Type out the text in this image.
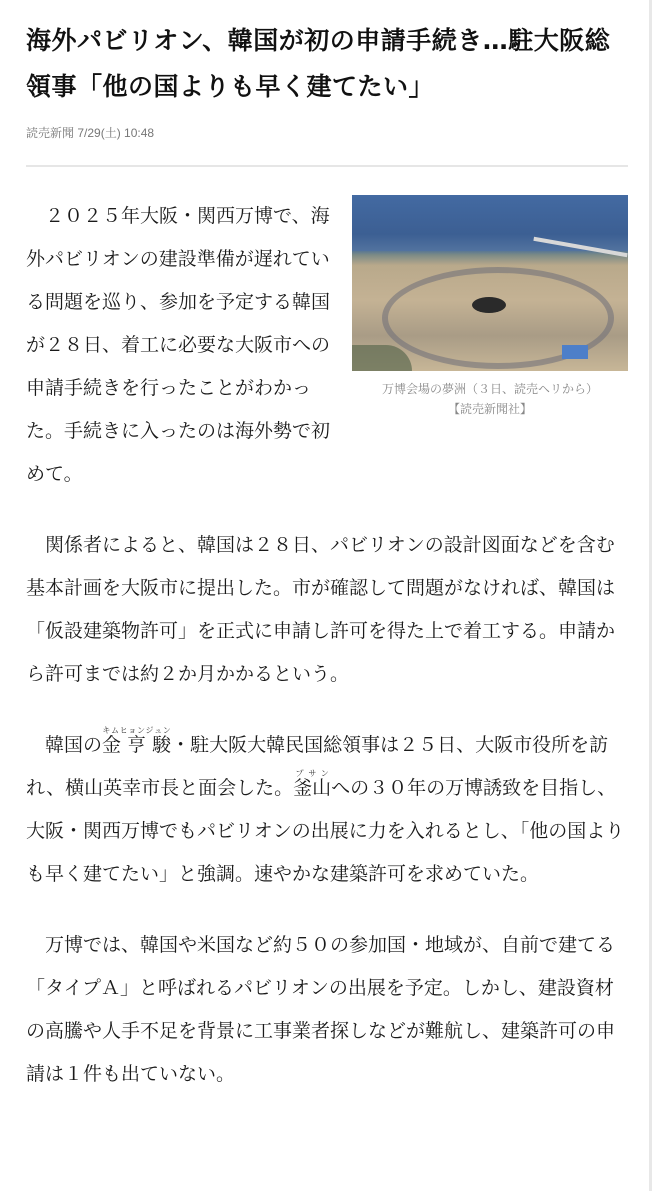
海外パビリオン、韓国が初の申請手続き…駐大阪総領事「他の国よりも早く建てたい」
読売新聞 7/29(土) 10:48
万博会場の夢洲（３日、読売ヘリから）
【読売新聞社】

２０２５年大阪・関西万博で、海外パビリオンの建設準備が遅れている問題を巡り、参加を予定する韓国が２８日、着工に必要な大阪市への申請手続きを行ったことがわかった。手続きに入ったのは海外勢で初めて。

関係者によると、韓国は２８日、パビリオンの設計図面などを含む基本計画を大阪市に提出した。市が確認して問題がなければ、韓国は「仮設建築物許可」を正式に申請し許可を得た上で着工する。申請から許可までは約２か月かかるという。

韓国の金 亨 駿キムヒョンジュン・駐大阪大韓民国総領事は２５日、大阪市役所を訪れ、横山英幸市長と面会した。釜山プサンへの３０年の万博誘致を目指し、大阪・関西万博でもパビリオンの出展に力を入れるとし、「他の国よりも早く建てたい」と強調。速やかな建築許可を求めていた。

万博では、韓国や米国など約５０の参加国・地域が、自前で建てる「タイプＡ」と呼ばれるパビリオンの出展を予定。しかし、建設資材の高騰や人手不足を背景に工事業者探しなどが難航し、建築許可の申請は１件も出ていない。
